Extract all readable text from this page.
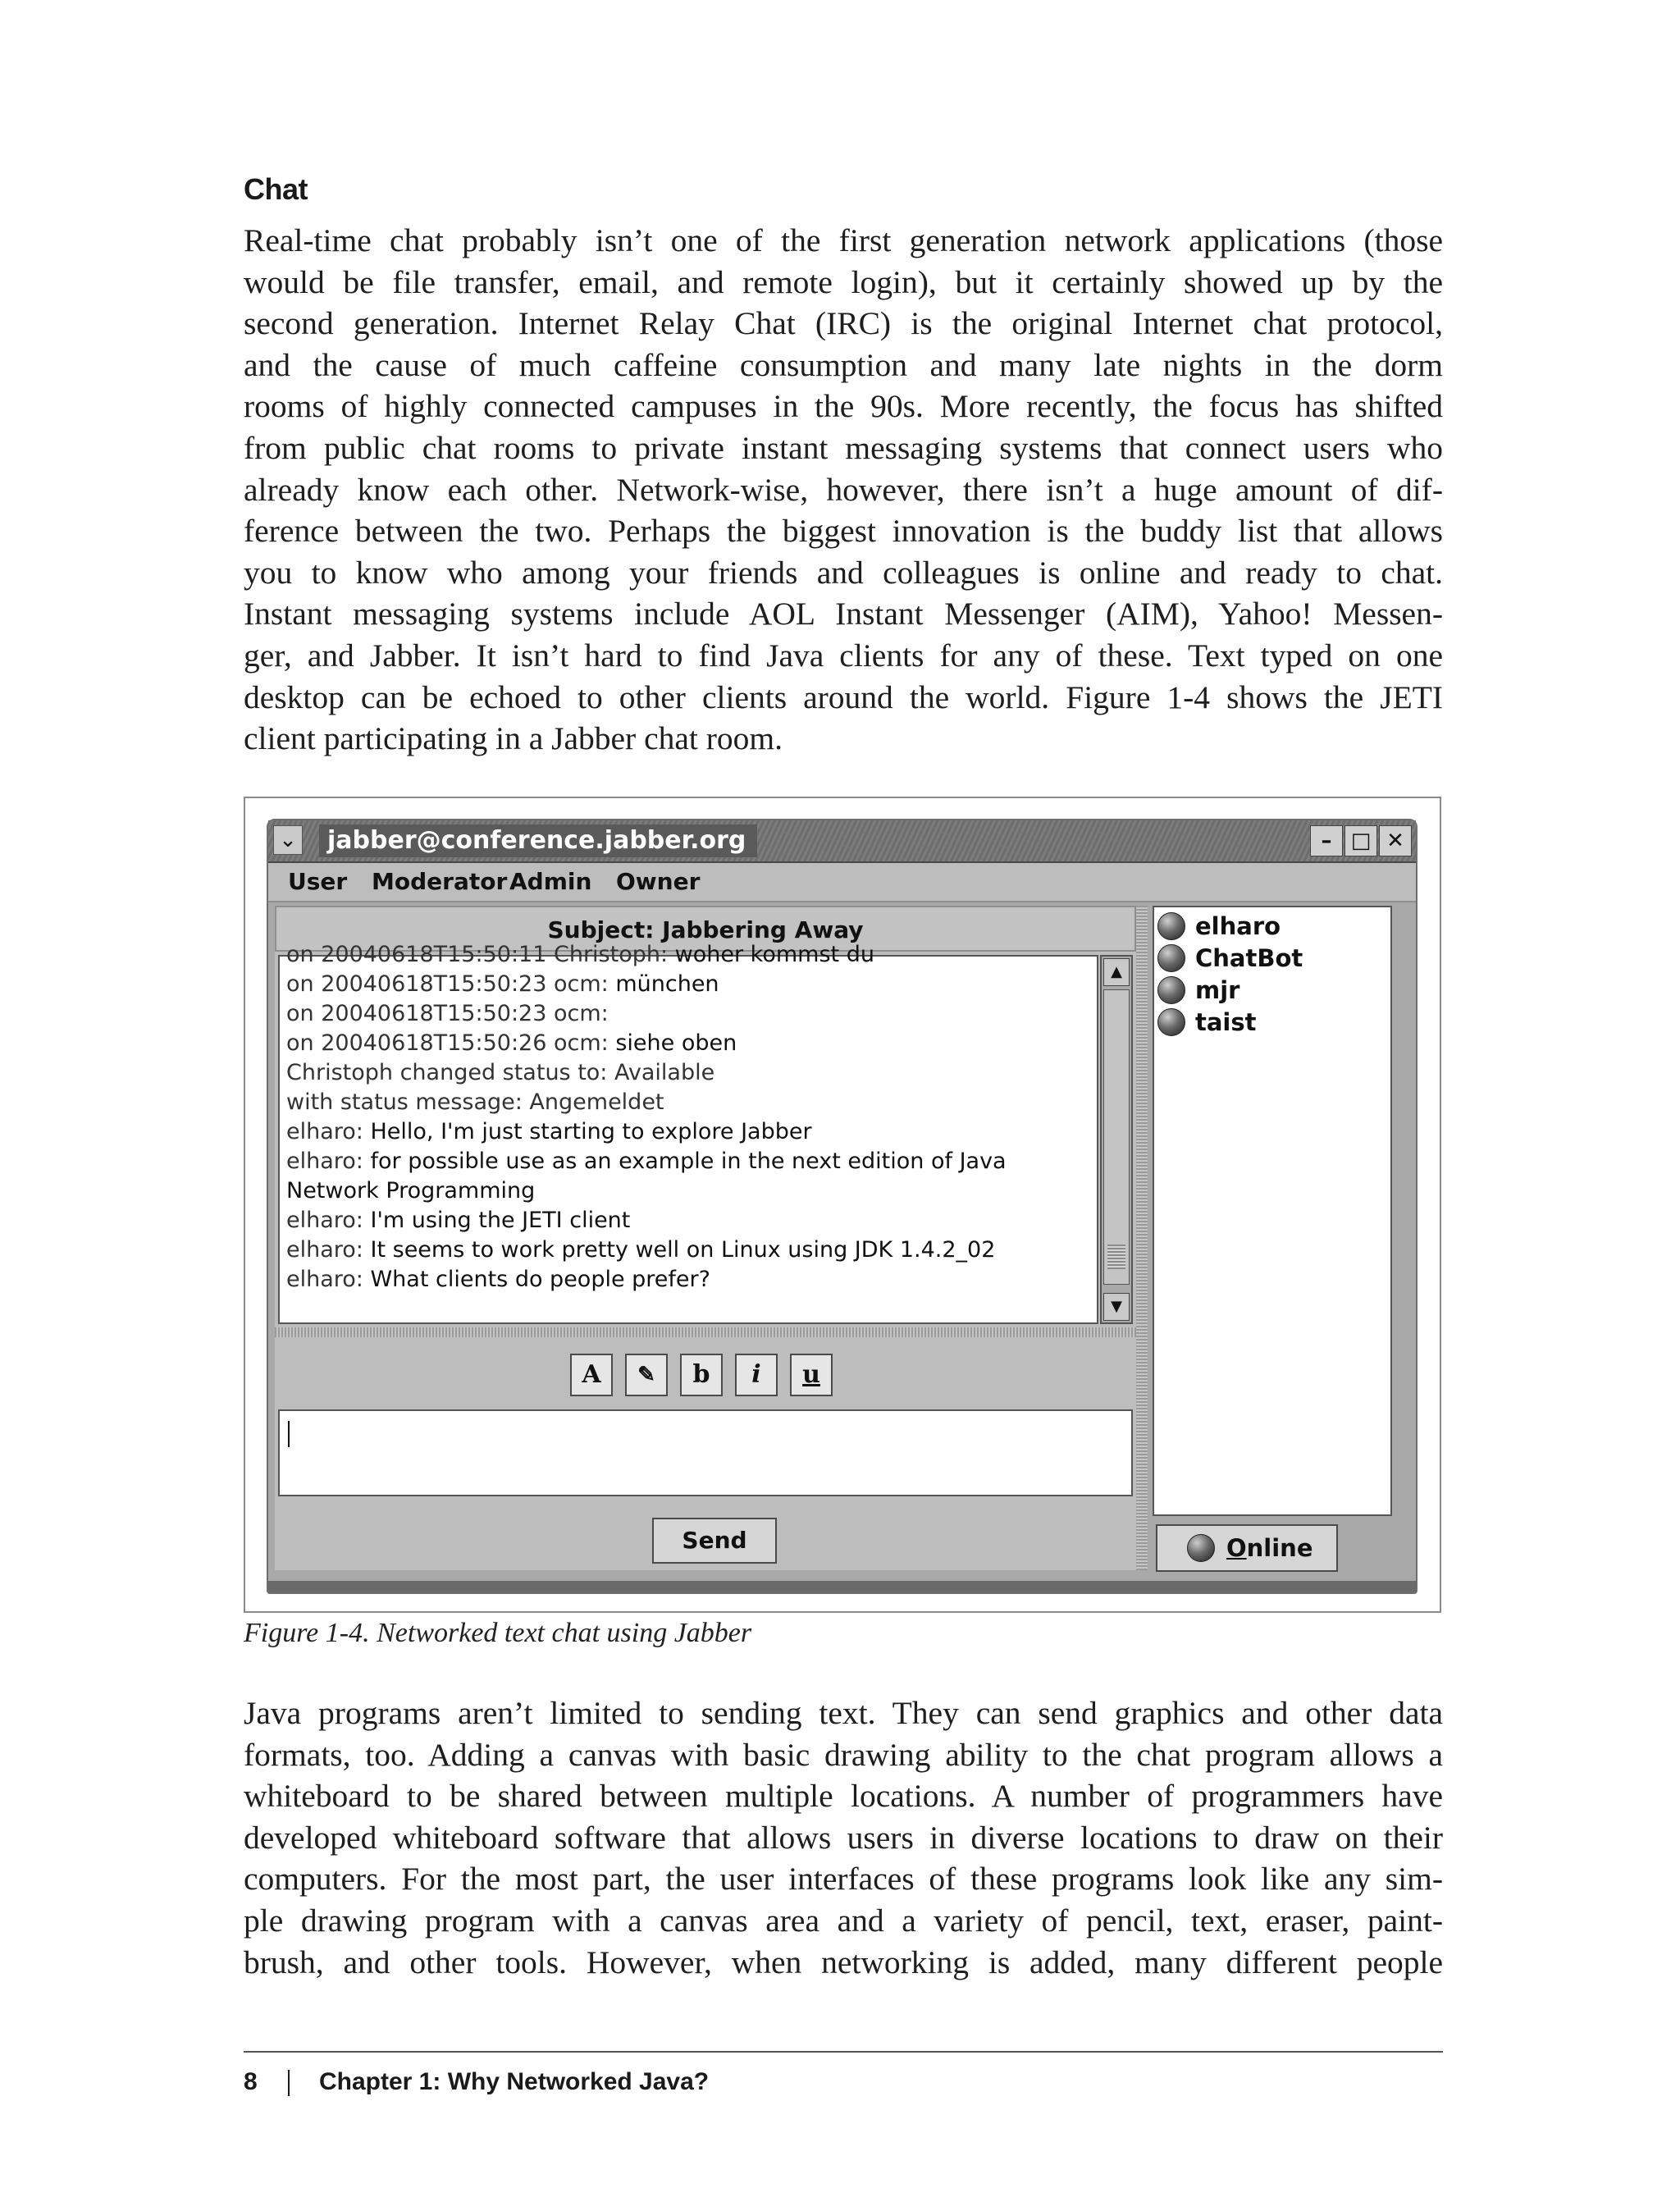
Chat
Real-time chat probably isn’t one of the first generation network applications (those
would be file transfer, email, and remote login), but it certainly showed up by the
second generation. Internet Relay Chat (IRC) is the original Internet chat protocol,
and the cause of much caffeine consumption and many late nights in the dorm
rooms of highly connected campuses in the 90s. More recently, the focus has shifted
from public chat rooms to private instant messaging systems that connect users who
already know each other. Network-wise, however, there isn’t a huge amount of dif-
ference between the two. Perhaps the biggest innovation is the buddy list that allows
you to know who among your friends and colleagues is online and ready to chat.
Instant messaging systems include AOL Instant Messenger (AIM), Yahoo! Messen-
ger, and Jabber. It isn’t hard to find Java clients for any of these. Text typed on one
desktop can be echoed to other clients around the world. Figure 1-4 shows the JETI
client participating in a Jabber chat room.
⌄	jabber@conference.jabber.org	– □ ✕
User Moderator Admin Owner
Subject: Jabbering Away
on 20040618T15:50:11 Christoph: woher kommst du
on 20040618T15:50:23 ocm: münchen
on 20040618T15:50:23 ocm:
on 20040618T15:50:26 ocm: siehe oben
Christoph changed status to: Available
with status message: Angemeldet
elharo: Hello, I'm just starting to explore Jabber
elharo: for possible use as an example in the next edition of Java
Network Programming
elharo: I'm using the JETI client
elharo: It seems to work pretty well on Linux using JDK 1.4.2_02
elharo: What clients do people prefer?
▲
▼
A	✎	b	i	u
Send
elharo
ChatBot
mjr
taist
Online
Figure 1-4. Networked text chat using Jabber
Java programs aren’t limited to sending text. They can send graphics and other data
formats, too. Adding a canvas with basic drawing ability to the chat program allows a
whiteboard to be shared between multiple locations. A number of programmers have
developed whiteboard software that allows users in diverse locations to draw on their
computers. For the most part, the user interfaces of these programs look like any sim-
ple drawing program with a canvas area and a variety of pencil, text, eraser, paint-
brush, and other tools. However, when networking is added, many different people
8	Chapter 1: Why Networked Java?
